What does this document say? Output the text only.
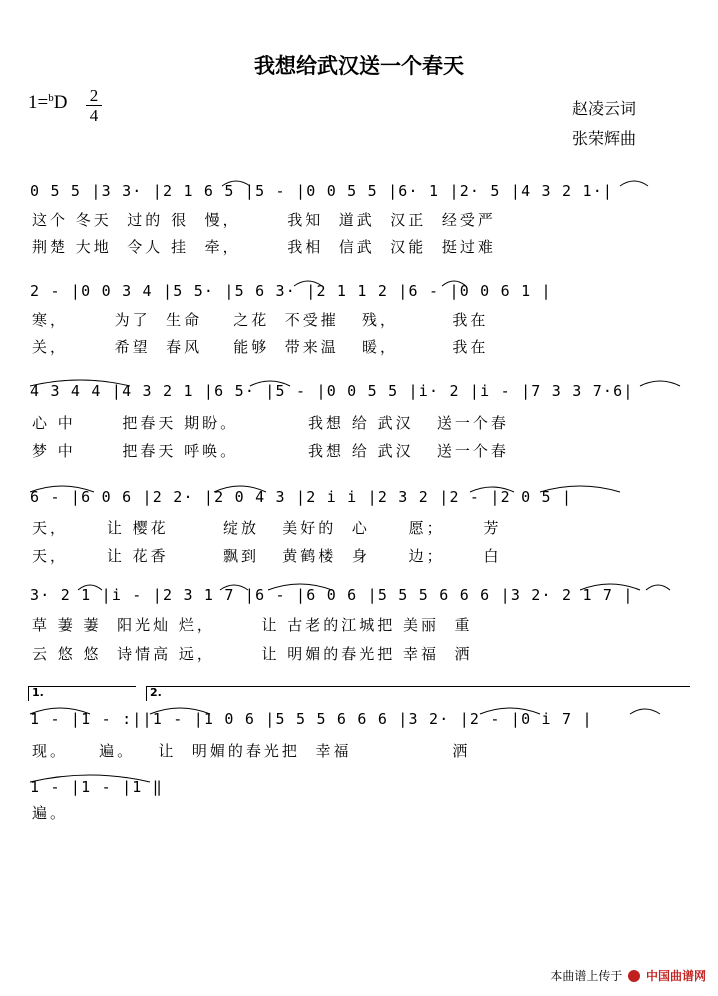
我想给武汉送一个春天
1=$^b$D 2
4	赵凌云词
张荣辉曲
0 5 5 |3 3· |2 1 6 5 |5 - |0 0 5 5 |6· 1 |2· 5 |4 3 2 1·|
这个 冬天  过的 很  慢，      我知  道武  汉正  经受严
荆楚 大地  令人 挂  牵，      我相  信武  汉能  挺过难
2 - |0 0 3 4 |5 5· |5 6 3· |2 1 1 2 |6 - |0 0 6 1 |
寒，      为了  生命    之花  不受摧   残，       我在
关，      希望  春风    能够  带来温   暖，       我在
4 3 4 4 |4 3 2 1 |6 5· |5 - |0 0 5 5 |i· 2 |i - |7 3 3 7·6|
心 中      把春天 期盼。         我想 给 武汉   送一个春
梦 中      把春天 呼唤。         我想 给 武汉   送一个春
6 - |6 0 6 |2 2· |2 0 4 3 |2 i i |2 3 2 |2 - |2 0 5 |
天，     让 樱花       绽放   美好的  心     愿；     芳
天，     让 花香       飘到   黄鹤楼  身     边；     白
3· 2 1 |i - |2 3 1 7 |6 - |6 0 6 |5 5 5 6 6 6 |3 2· 2 1 7 |
草 萋 萋  阳光灿 烂，      让 古老的江城把 美丽  重
云 悠 悠  诗情高 远，      让 明媚的春光把 幸福  洒
1.	2.
1 - |1 - :||1 - |1 0 6 |5 5 5 6 6 6 |3 2· |2 - |0 i 7 |
现。    遍。   让  明媚的春光把  幸福             洒
1 - |1 - |1 ‖
遍。
本曲谱上传于 中国曲谱网
